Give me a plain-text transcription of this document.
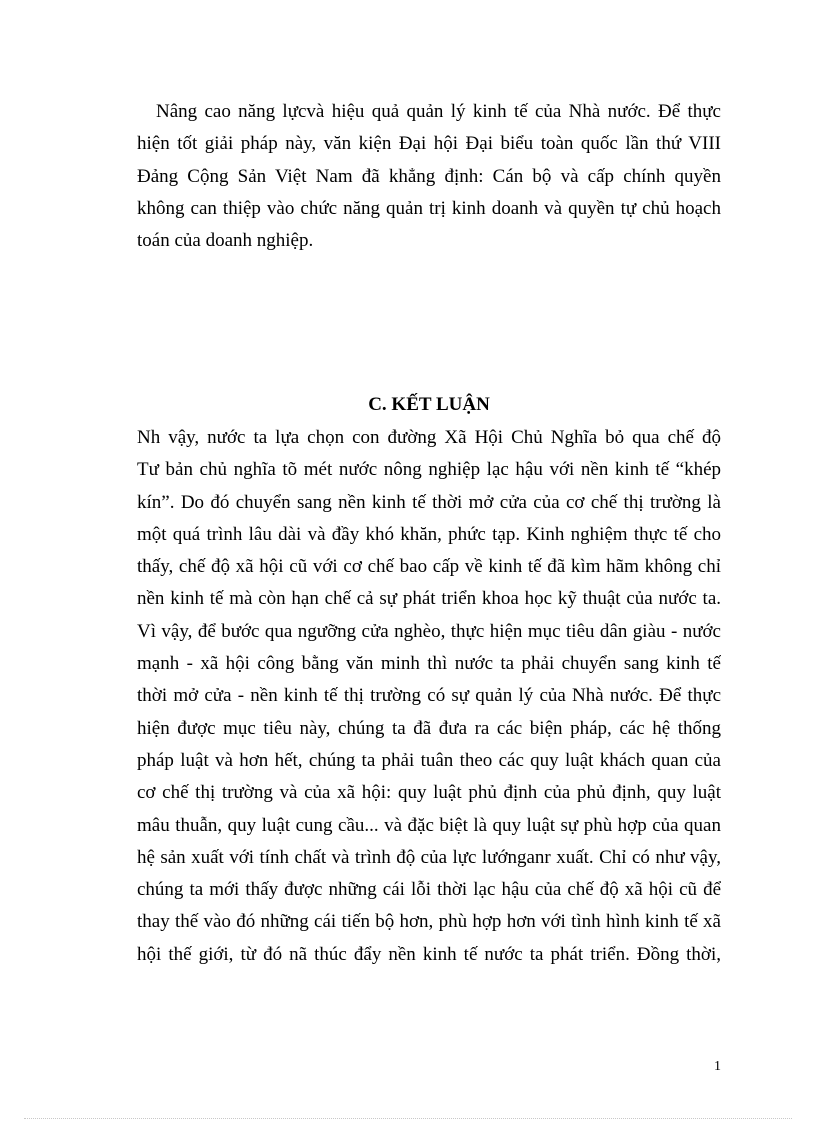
Nâng cao năng lựcvà hiệu quả quản lý kinh tế của Nhà nước. Để thực
hiện tốt giải pháp này, văn kiện Đại hội Đại biểu toàn quốc lần thứ VIII
Đảng Cộng Sản Việt Nam đã khẳng định: Cán bộ và cấp chính quyền
không can thiệp vào chức năng quản trị kinh doanh và quyền tự chủ hoạch
toán của doanh nghiệp.
C. KẾT LUẬN
Nh vậy, nước ta lựa chọn con đường Xã Hội Chủ Nghĩa bỏ qua chế độ
Tư bản chủ nghĩa tõ mét nước nông nghiệp lạc hậu với nền kinh tế “khép
kín”. Do đó chuyển sang nền kinh tế thời mở cửa của cơ chế thị trường là
một quá trình lâu dài và đầy khó khăn, phức tạp. Kinh nghiệm thực tế cho
thấy, chế độ xã hội cũ với cơ chế bao cấp về kinh tế đã kìm hãm không chỉ
nền kinh tế mà còn hạn chế cả sự phát triển khoa học kỹ thuật của nước ta.
Vì vậy, để bước qua ngưỡng cửa nghèo, thực hiện mục tiêu dân giàu - nước
mạnh - xã hội công bằng văn minh thì nước ta phải chuyển sang kinh tế
thời mở cửa - nền kinh tế thị trường có sự quản lý của Nhà nước. Để thực
hiện được mục tiêu này, chúng ta đã đưa ra các biện pháp, các hệ thống
pháp luật và hơn hết, chúng ta phải tuân theo các quy luật khách quan của
cơ chế thị trường và của xã hội: quy luật phủ định của phủ định, quy luật
mâu thuẫn, quy luật cung cầu... và đặc biệt là quy luật sự phù hợp của quan
hệ sản xuất với tính chất và trình độ của lực lướnganr xuất. Chỉ có như vậy,
chúng ta mới thấy được những cái lỗi thời lạc hậu của chế độ xã hội cũ để
thay thế vào đó những cái tiến bộ hơn, phù hợp hơn với tình hình kinh tế xã
hội thế giới, từ đó nã thúc đẩy nền kinh tế nước ta phát triển. Đồng thời,
1
